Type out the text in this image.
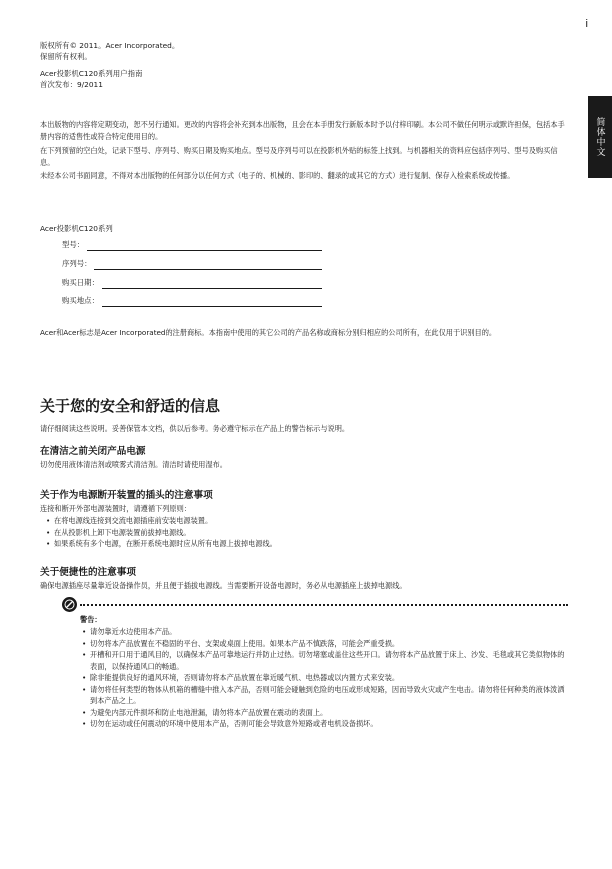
i
简体中文
版权所有© 2011。Acer Incorporated。
保留所有权利。
Acer投影机C120系列用户指南
首次发布：9/2011
本出版物的内容将定期变动，恕不另行通知。更改的内容将会补充到本出版物，且会在本手册发行新版本时予以付梓印刷。本公司不做任何明示或默许担保，包括本手册内容的适售性或符合特定使用目的。
在下列预留的空白处，记录下型号、序列号、购买日期及购买地点。型号及序列号可以在投影机外贴的标签上找到。与机器相关的资料应包括序列号、型号及购买信息。
未经本公司书面同意，不得对本出版物的任何部分以任何方式（电子的、机械的、影印的、翻录的或其它的方式）进行复制、保存入检索系统或传播。
Acer投影机C120系列
型号：
序列号：
购买日期：
购买地点：
Acer和Acer标志是Acer Incorporated的注册商标。本指南中使用的其它公司的产品名称或商标分别归相应的公司所有，在此仅用于识别目的。
关于您的安全和舒适的信息
请仔细阅读这些说明。妥善保管本文档，供以后参考。务必遵守标示在产品上的警告标示与说明。
在清洁之前关闭产品电源
切勿使用液体清洁剂或喷雾式清洁剂。清洁时请使用湿布。
关于作为电源断开装置的插头的注意事项
连接和断开外部电源装置时，请遵循下列原则：
• 在将电源线连接到交流电源插座前安装电源装置。
• 在从投影机上卸下电源装置前拔掉电源线。
• 如果系统有多个电源，在断开系统电源时应从所有电源上拔掉电源线。
关于便捷性的注意事项
确保电源插座尽量靠近设备操作员，并且便于插拔电源线。当需要断开设备电源时，务必从电源插座上拔掉电源线。
警告：
• 请勿靠近水边使用本产品。
• 切勿将本产品放置在不稳固的平台、支架或桌面上使用。如果本产品不慎跌落，可能会严重受损。
• 开槽和开口用于通风目的，以确保本产品可靠地运行并防止过热。切勿堵塞或盖住这些开口。请勿将本产品放置于床上、沙发、毛毯或其它类似物体的表面，以保持通风口的畅通。
• 除非能提供良好的通风环境，否则请勿将本产品放置在靠近暖气机、电热器或以内置方式来安装。
• 请勿将任何类型的物体从机箱的槽缝中推入本产品，否则可能会碰触到危险的电压或形成短路，因而导致火灾或产生电击。请勿将任何种类的液体泼洒到本产品之上。
• 为避免内部元件损坏和防止电池泄漏，请勿将本产品放置在震动的表面上。
• 切勿在运动或任何震动的环境中使用本产品，否则可能会导致意外短路或者电机设备损坏。
